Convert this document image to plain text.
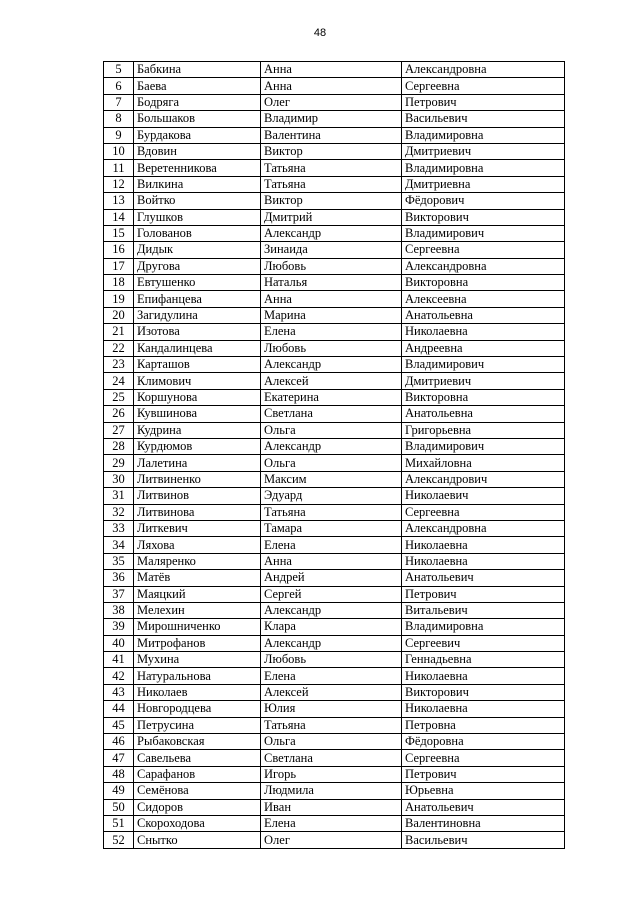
48
5	Бабкина	Анна	Александровна
6	Баева	Анна	Сергеевна
7	Бодряга	Олег	Петрович
8	Большаков	Владимир	Васильевич
9	Бурдакова	Валентина	Владимировна
10	Вдовин	Виктор	Дмитриевич
11	Веретенникова	Татьяна	Владимировна
12	Вилкина	Татьяна	Дмитриевна
13	Войтко	Виктор	Фёдорович
14	Глушков	Дмитрий	Викторович
15	Голованов	Александр	Владимирович
16	Дидык	Зинаида	Сергеевна
17	Другова	Любовь	Александровна
18	Евтушенко	Наталья	Викторовна
19	Епифанцева	Анна	Алексеевна
20	Загидулина	Марина	Анатольевна
21	Изотова	Елена	Николаевна
22	Кандалинцева	Любовь	Андреевна
23	Карташов	Александр	Владимирович
24	Климович	Алексей	Дмитриевич
25	Коршунова	Екатерина	Викторовна
26	Кувшинова	Светлана	Анатольевна
27	Кудрина	Ольга	Григорьевна
28	Курдюмов	Александр	Владимирович
29	Лалетина	Ольга	Михайловна
30	Литвиненко	Максим	Александрович
31	Литвинов	Эдуард	Николаевич
32	Литвинова	Татьяна	Сергеевна
33	Литкевич	Тамара	Александровна
34	Ляхова	Елена	Николаевна
35	Маляренко	Анна	Николаевна
36	Матёв	Андрей	Анатольевич
37	Маяцкий	Сергей	Петрович
38	Мелехин	Александр	Витальевич
39	Мирошниченко	Клара	Владимировна
40	Митрофанов	Александр	Сергеевич
41	Мухина	Любовь	Геннадьевна
42	Натуральнова	Елена	Николаевна
43	Николаев	Алексей	Викторович
44	Новгородцева	Юлия	Николаевна
45	Петрусина	Татьяна	Петровна
46	Рыбаковская	Ольга	Фёдоровна
47	Савельева	Светлана	Сергеевна
48	Сарафанов	Игорь	Петрович
49	Семёнова	Людмила	Юрьевна
50	Сидоров	Иван	Анатольевич
51	Скороходова	Елена	Валентиновна
52	Снытко	Олег	Васильевич
